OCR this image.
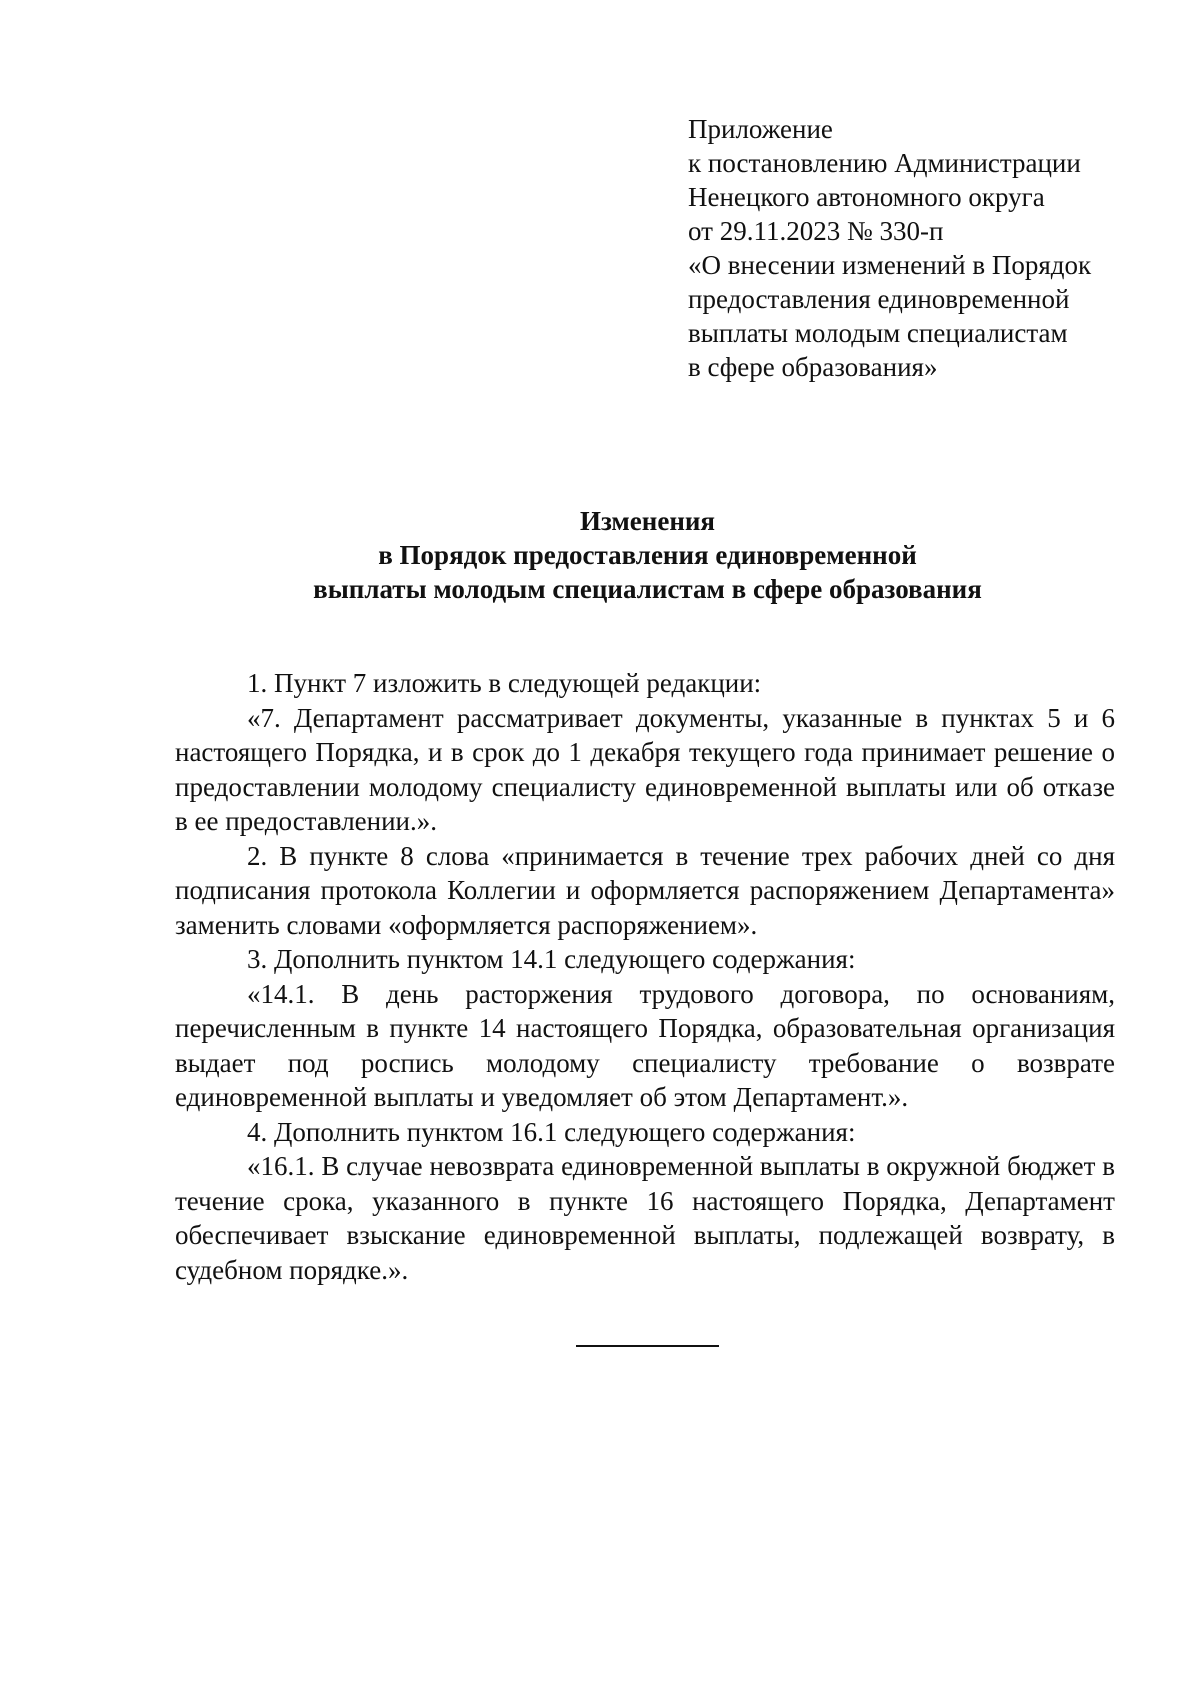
Приложение
к постановлению Администрации
Ненецкого автономного округа
от 29.11.2023 № 330-п
«О внесении изменений в Порядок
предоставления единовременной
выплаты молодым специалистам
в сфере образования»
Изменения
в Порядок предоставления единовременной
выплаты молодым специалистам в сфере образования

1. Пункт 7 изложить в следующей редакции:

«7. Департамент рассматривает документы, указанные в пунктах 5 и 6 настоящего Порядка, и в срок до 1 декабря текущего года принимает решение о предоставлении молодому специалисту единовременной выплаты или об отказе в ее предоставлении.».

2. В пункте 8 слова «принимается в течение трех рабочих дней со дня подписания протокола Коллегии и оформляется распоряжением Департамента» заменить словами «оформляется распоряжением».

3. Дополнить пунктом 14.1 следующего содержания:

«14.1. В день расторжения трудового договора, по основаниям, перечисленным в пункте 14 настоящего Порядка, образовательная организация выдает под роспись молодому специалисту требование о возврате единовременной выплаты и уведомляет об этом Департамент.».

4. Дополнить пунктом 16.1 следующего содержания:

«16.1. В случае невозврата единовременной выплаты в окружной бюджет в течение срока, указанного в пункте 16 настоящего Порядка, Департамент обеспечивает взыскание единовременной выплаты, подлежащей возврату, в судебном порядке.».
